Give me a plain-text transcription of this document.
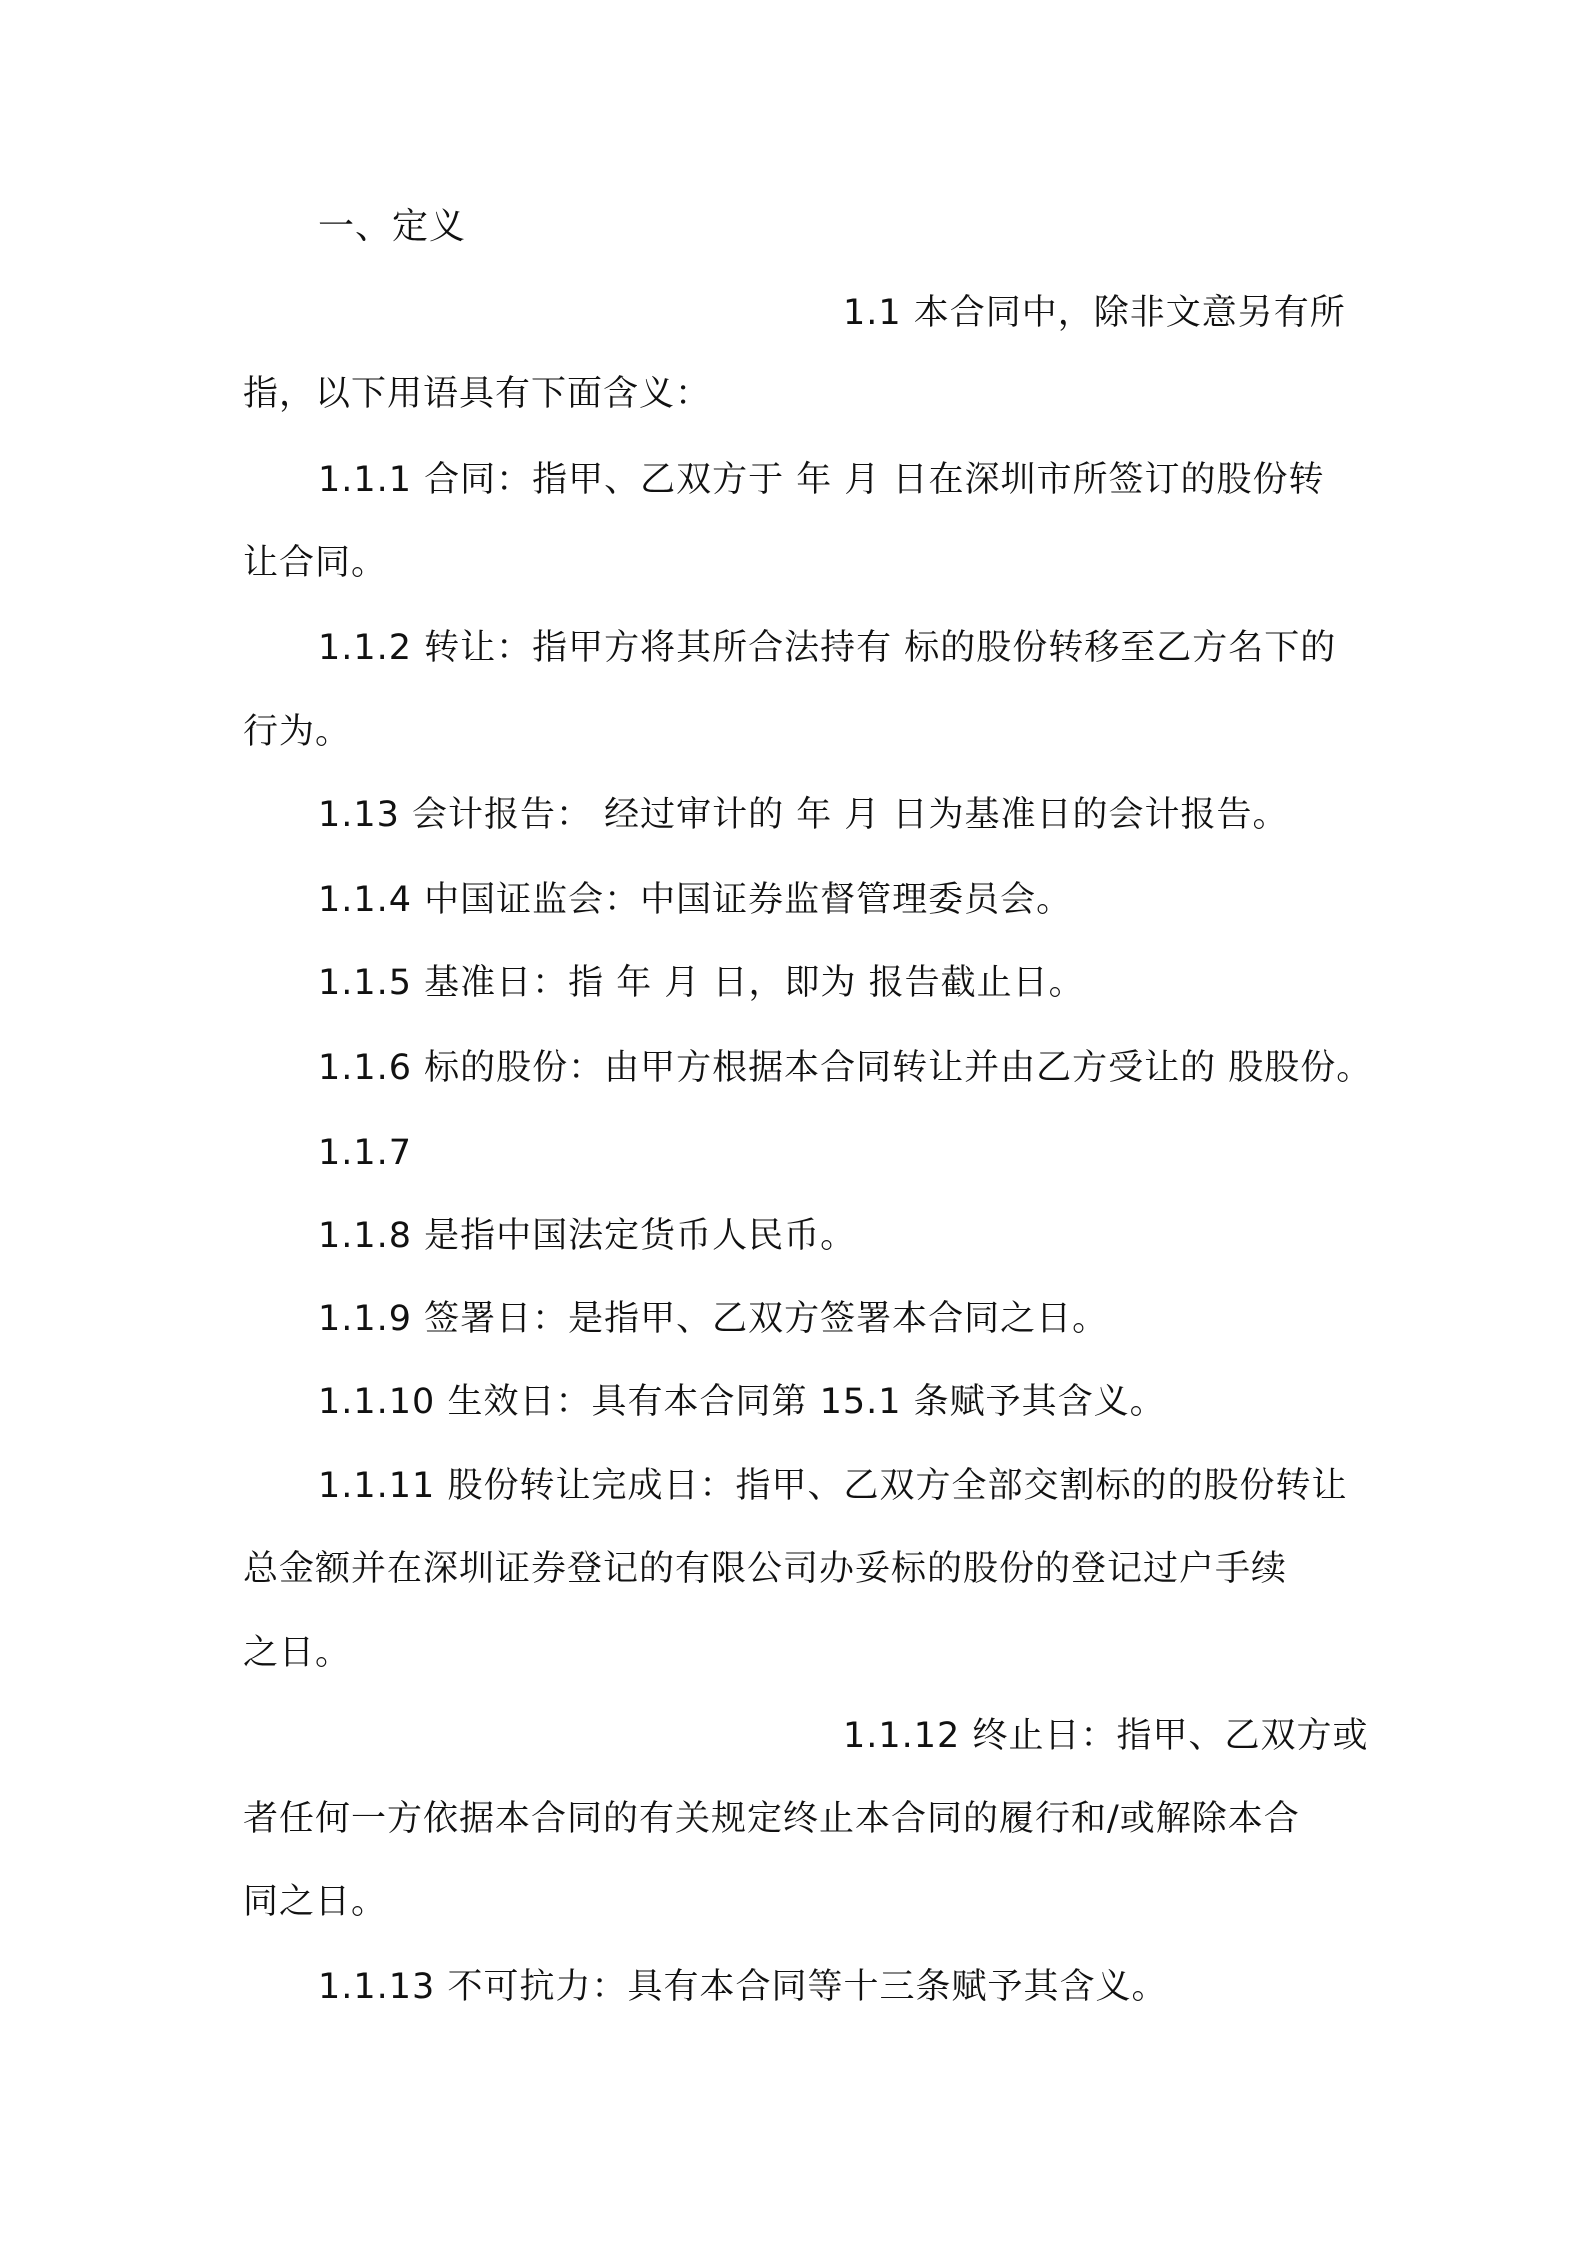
一、定义
1.1 本合同中，除非文意另有所
指，以下用语具有下面含义：
1.1.1 合同：指甲、乙双方于 年 月 日在深圳市所签订的股份转
让合同。
1.1.2 转让：指甲方将其所合法持有 标的股份转移至乙方名下的
行为。
1.13 会计报告： 经过审计的 年 月 日为基准日的会计报告。
1.1.4 中国证监会：中国证券监督管理委员会。
1.1.5 基准日：指 年 月 日，即为 报告截止日。
1.1.6 标的股份：由甲方根据本合同转让并由乙方受让的 股股份。
1.1.7
1.1.8 是指中国法定货币人民币。
1.1.9 签署日：是指甲、乙双方签署本合同之日。
1.1.10 生效日：具有本合同第 15.1 条赋予其含义。
1.1.11 股份转让完成日：指甲、乙双方全部交割标的的股份转让
总金额并在深圳证券登记的有限公司办妥标的股份的登记过户手续
之日。
1.1.12 终止日：指甲、乙双方或
者任何一方依据本合同的有关规定终止本合同的履行和/或解除本合
同之日。
1.1.13 不可抗力：具有本合同等十三条赋予其含义。
